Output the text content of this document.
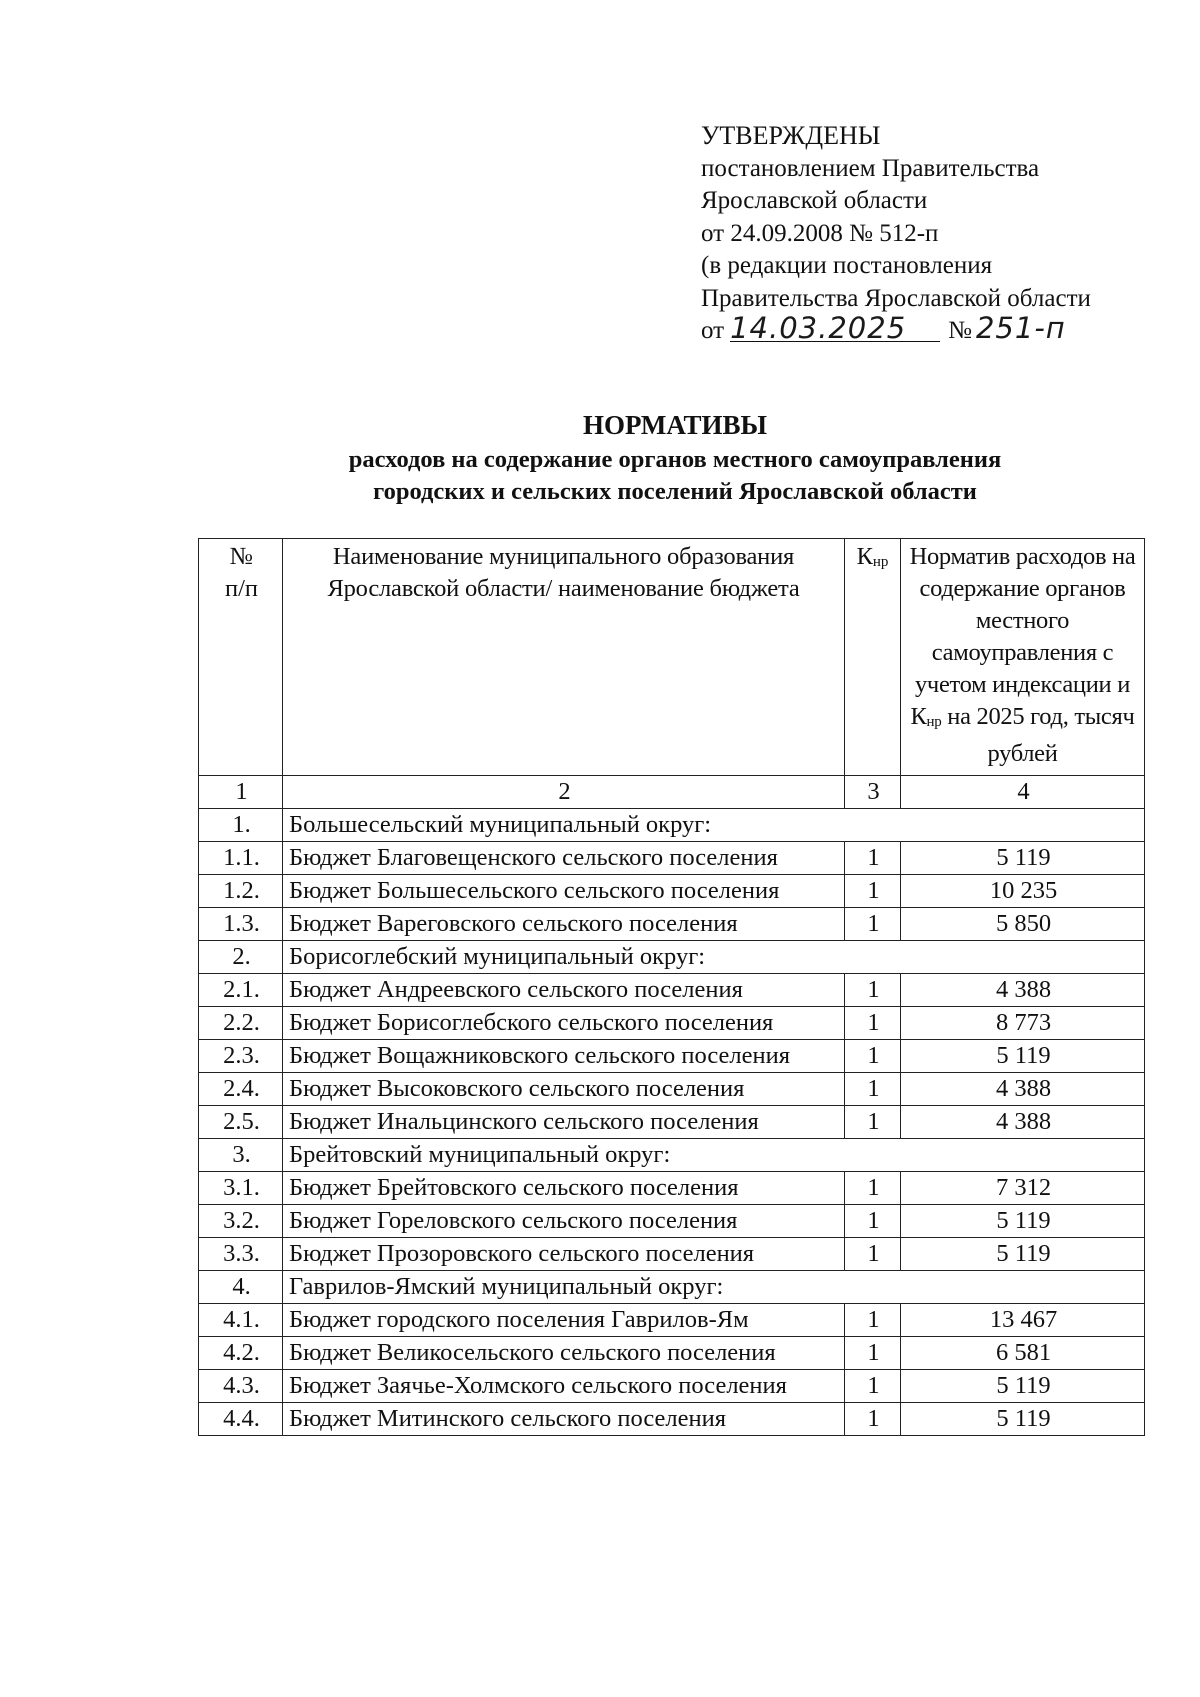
УТВЕРЖДЕНЫ
постановлением Правительства
Ярославской области
от 24.09.2008 № 512-п
(в редакции постановления
Правительства Ярославской области
от 14.03.2025 № 251-п
НОРМАТИВЫ
расходов на содержание органов местного самоуправления
городских и сельских поселений Ярославской области
№
п/п	Наименование муниципального образования Ярославской области/ наименование бюджета	$К_{нр}$	Норматив расходов на содержание органов местного самоуправления с учетом индексации и $К_{нр}$ на 2025 год, тысяч рублей
1	2	3	4
1.	Большесельский муниципальный округ:		
1.1.	Бюджет Благовещенского сельского поселения	1	5 119
1.2.	Бюджет Большесельского сельского поселения	1	10 235
1.3.	Бюджет Вареговского сельского поселения	1	5 850
2.	Борисоглебский муниципальный округ:		
2.1.	Бюджет Андреевского сельского поселения	1	4 388
2.2.	Бюджет Борисоглебского сельского поселения	1	8 773
2.3.	Бюджет Вощажниковского сельского поселения	1	5 119
2.4.	Бюджет Высоковского сельского поселения	1	4 388
2.5.	Бюджет Инальцинского сельского поселения	1	4 388
3.	Брейтовский муниципальный округ:		
3.1.	Бюджет Брейтовского сельского поселения	1	7 312
3.2.	Бюджет Гореловского сельского поселения	1	5 119
3.3.	Бюджет Прозоровского сельского поселения	1	5 119
4.	Гаврилов-Ямский муниципальный округ:		
4.1.	Бюджет городского поселения Гаврилов-Ям	1	13 467
4.2.	Бюджет Великосельского сельского поселения	1	6 581
4.3.	Бюджет Заячье-Холмского сельского поселения	1	5 119
4.4.	Бюджет Митинского сельского поселения	1	5 119
